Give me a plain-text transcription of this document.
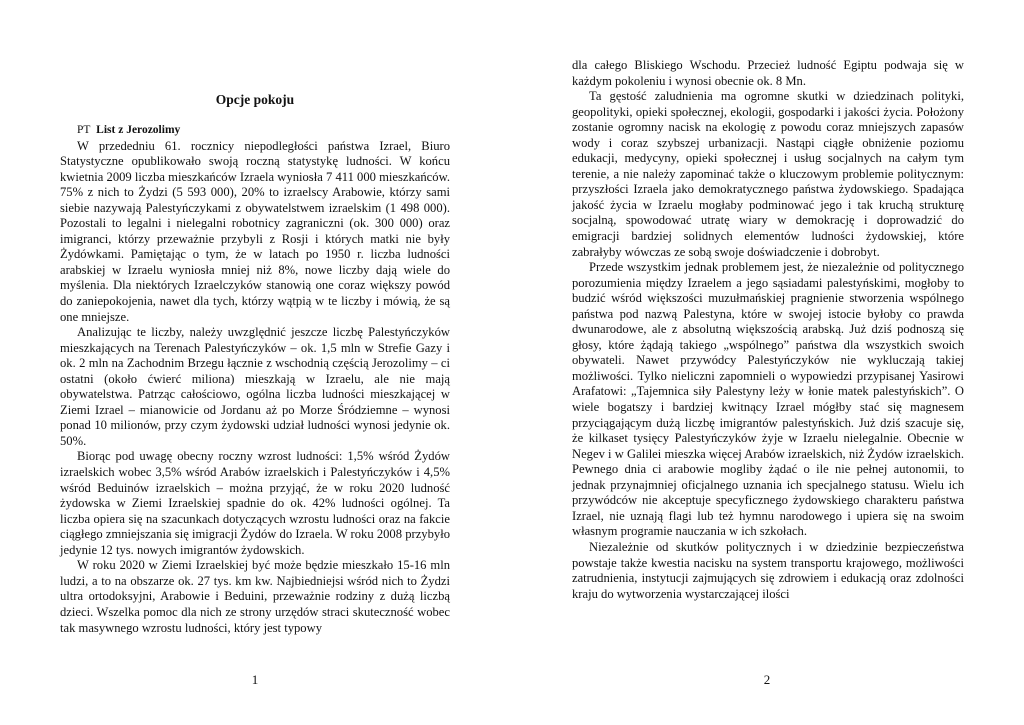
Opcje pokoju

PT List z Jerozolimy

W przededniu 61. rocznicy niepodległości państwa Izrael, Biuro Statystyczne opublikowało swoją roczną statystykę ludności. W końcu kwietnia 2009 liczba mieszkańców Izraela wyniosła 7 411 000 mieszkańców. 75% z nich to Żydzi (5 593 000), 20% to izraelscy Arabowie, którzy sami siebie nazywają Palestyńczykami z obywatelstwem izraelskim (1 498 000). Pozostali to legalni i nielegalni robotnicy zagraniczni (ok. 300 000) oraz imigranci, którzy przeważnie przybyli z Rosji i których matki nie były Żydówkami. Pamiętając o tym, że w latach po 1950 r. liczba ludności arabskiej w Izraelu wyniosła mniej niż 8%, nowe liczby dają wiele do myślenia. Dla niektórych Izraelczyków stanowią one coraz większy powód do zaniepokojenia, nawet dla tych, którzy wątpią w te liczby i mówią, że są one mniejsze.

Analizując te liczby, należy uwzględnić jeszcze liczbę Palestyńczyków mieszkających na Terenach Palestyńczyków – ok. 1,5 mln w Strefie Gazy i ok. 2 mln na Zachodnim Brzegu łącznie z wschodnią częścią Jerozolimy – ci ostatni (około ćwierć miliona) mieszkają w Izraelu, ale nie mają obywatelstwa. Patrząc całościowo, ogólna liczba ludności mieszkającej w Ziemi Izrael – mianowicie od Jordanu aż po Morze Śródziemne – wynosi ponad 10 milionów, przy czym żydowski udział ludności wynosi jedynie ok. 50%.

Biorąc pod uwagę obecny roczny wzrost ludności: 1,5% wśród Żydów izraelskich wobec 3,5% wśród Arabów izraelskich i Palestyńczyków i 4,5% wśród Beduinów izraelskich – można przyjąć, że w roku 2020 ludność żydowska w Ziemi Izraelskiej spadnie do ok. 42% ludności ogólnej. Ta liczba opiera się na szacunkach dotyczących wzrostu ludności oraz na fakcie ciągłego zmniejszania się imigracji Żydów do Izraela. W roku 2008 przybyło jedynie 12 tys. nowych imigrantów żydowskich.

W roku 2020 w Ziemi Izraelskiej być może będzie mieszkało 15-16 mln ludzi, a to na obszarze ok. 27 tys. km kw. Najbiedniejsi wśród nich to Żydzi ultra ortodoksyjni, Arabowie i Beduini, przeważnie rodziny z dużą liczbą dzieci. Wszelka pomoc dla nich ze strony urzędów straci skuteczność wobec tak masywnego wzrostu ludności, który jest typowy

dla całego Bliskiego Wschodu. Przecież ludność Egiptu podwaja się w każdym pokoleniu i wynosi obecnie ok. 8 Mn.

Ta gęstość zaludnienia ma ogromne skutki w dziedzinach polityki, geopolityki, opieki społecznej, ekologii, gospodarki i jakości życia. Położony zostanie ogromny nacisk na ekologię z powodu coraz mniejszych zapasów wody i coraz szybszej urbanizacji. Nastąpi ciągłe obniżenie poziomu edukacji, medycyny, opieki społecznej i usług socjalnych na całym tym terenie, a nie należy zapominać także o kluczowym problemie politycznym: przyszłości Izraela jako demokratycznego państwa żydowskiego. Spadająca jakość życia w Izraelu mogłaby podminować jego i tak kruchą strukturę socjalną, spowodować utratę wiary w demokrację i doprowadzić do emigracji bardziej solidnych elementów ludności żydowskiej, które zabrałyby wówczas ze sobą swoje doświadczenie i dobrobyt.

Przede wszystkim jednak problemem jest, że niezależnie od politycznego porozumienia między Izraelem a jego sąsiadami palestyńskimi, mogłoby to budzić wśród większości muzułmańskiej pragnienie stworzenia wspólnego państwa pod nazwą Palestyna, które w swojej istocie byłoby co prawda dwunarodowe, ale z absolutną większością arabską. Już dziś podnoszą się głosy, które żądają takiego „wspólnego” państwa dla wszystkich swoich obywateli. Nawet przywódcy Palestyńczyków nie wykluczają takiej możliwości. Tylko nieliczni zapomnieli o wypowiedzi przypisanej Yasirowi Arafatowi: „Tajemnica siły Palestyny leży w łonie matek palestyńskich”. O wiele bogatszy i bardziej kwitnący Izrael mógłby stać się magnesem przyciągającym dużą liczbę imigrantów palestyńskich. Już dziś szacuje się, że kilkaset tysięcy Palestyńczyków żyje w Izraelu nielegalnie. Obecnie w Negev i w Galilei mieszka więcej Arabów izraelskich, niż Żydów izraelskich. Pewnego dnia ci arabowie mogliby żądać o ile nie pełnej autonomii, to jednak przynajmniej oficjalnego uznania ich specjalnego statusu. Wielu ich przywódców nie akceptuje specyficznego żydowskiego charakteru państwa Izrael, nie uznają flagi lub też hymnu narodowego i upiera się na swoim własnym programie nauczania w ich szkołach.

Niezależnie od skutków politycznych i w dziedzinie bezpieczeństwa powstaje także kwestia nacisku na system transportu krajowego, możliwości zatrudnienia, instytucji zajmujących się zdrowiem i edukacją oraz zdolności kraju do wytworzenia wystarczającej ilości

1	2
